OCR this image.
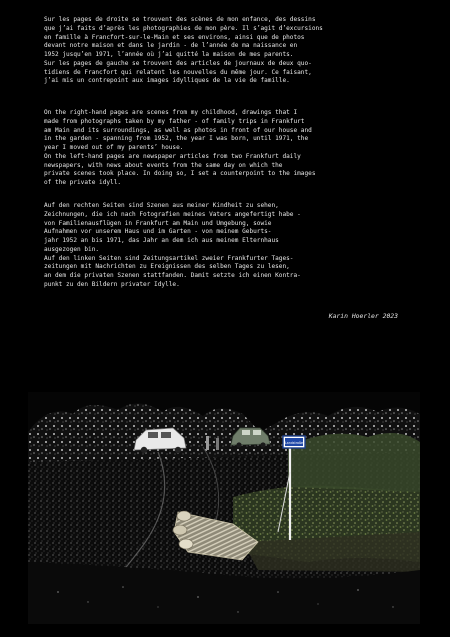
Sur les pages de droite se trouvent des scènes de mon enfance, des dessins
que j’ai faits d’après les photographies de mon père. Il s’agit d’excursions
en famille à Francfort-sur-le-Main et ses environs, ainsi que de photos
devant notre maison et dans le jardin - de l’année de ma naissance en
1952 jusqu’en 1971, l’année où j’ai quitté la maison de mes parents.
Sur les pages de gauche se trouvent des articles de journaux de deux quo-
tidiens de Francfort qui relatent les nouvelles du même jour. Ce faisant,
j’ai mis un contrepoint aux images idylliques de la vie de famille.
On the right-hand pages are scenes from my childhood, drawings that I
made from photographs taken by my father - of family trips in Frankfurt
am Main and its surroundings, as well as photos in front of our house and
in the garden - spanning from 1952, the year I was born, until 1971, the
year I moved out of my parents’ house.
On the left-hand pages are newspaper articles from two Frankfurt daily
newspapers, with news about events from the same day on which the
private scenes took place. In doing so, I set a counterpoint to the images
of the private idyll.
Auf den rechten Seiten sind Szenen aus meiner Kindheit zu sehen,
Zeichnungen, die ich nach Fotografien meines Vaters angefertigt habe -
von Familienausflügen in Frankfurt am Main und Umgebung, sowie
Aufnahmen vor unserem Haus und im Garten - von meinem Geburts-
jahr 1952 an bis 1971, das Jahr an dem ich aus meinem Elternhaus
ausgezogen bin.
Auf den linken Seiten sind Zeitungsartikel zweier Frankfurter Tages-
zeitungen mit Nachrichten zu Ereignissen des selben Tages zu lesen,
an dem die privaten Szenen stattfanden. Damit setzte ich einen Kontra-
punkt zu den Bildern privater Idylle.
Karin Hoerler 2023
Landstraße
